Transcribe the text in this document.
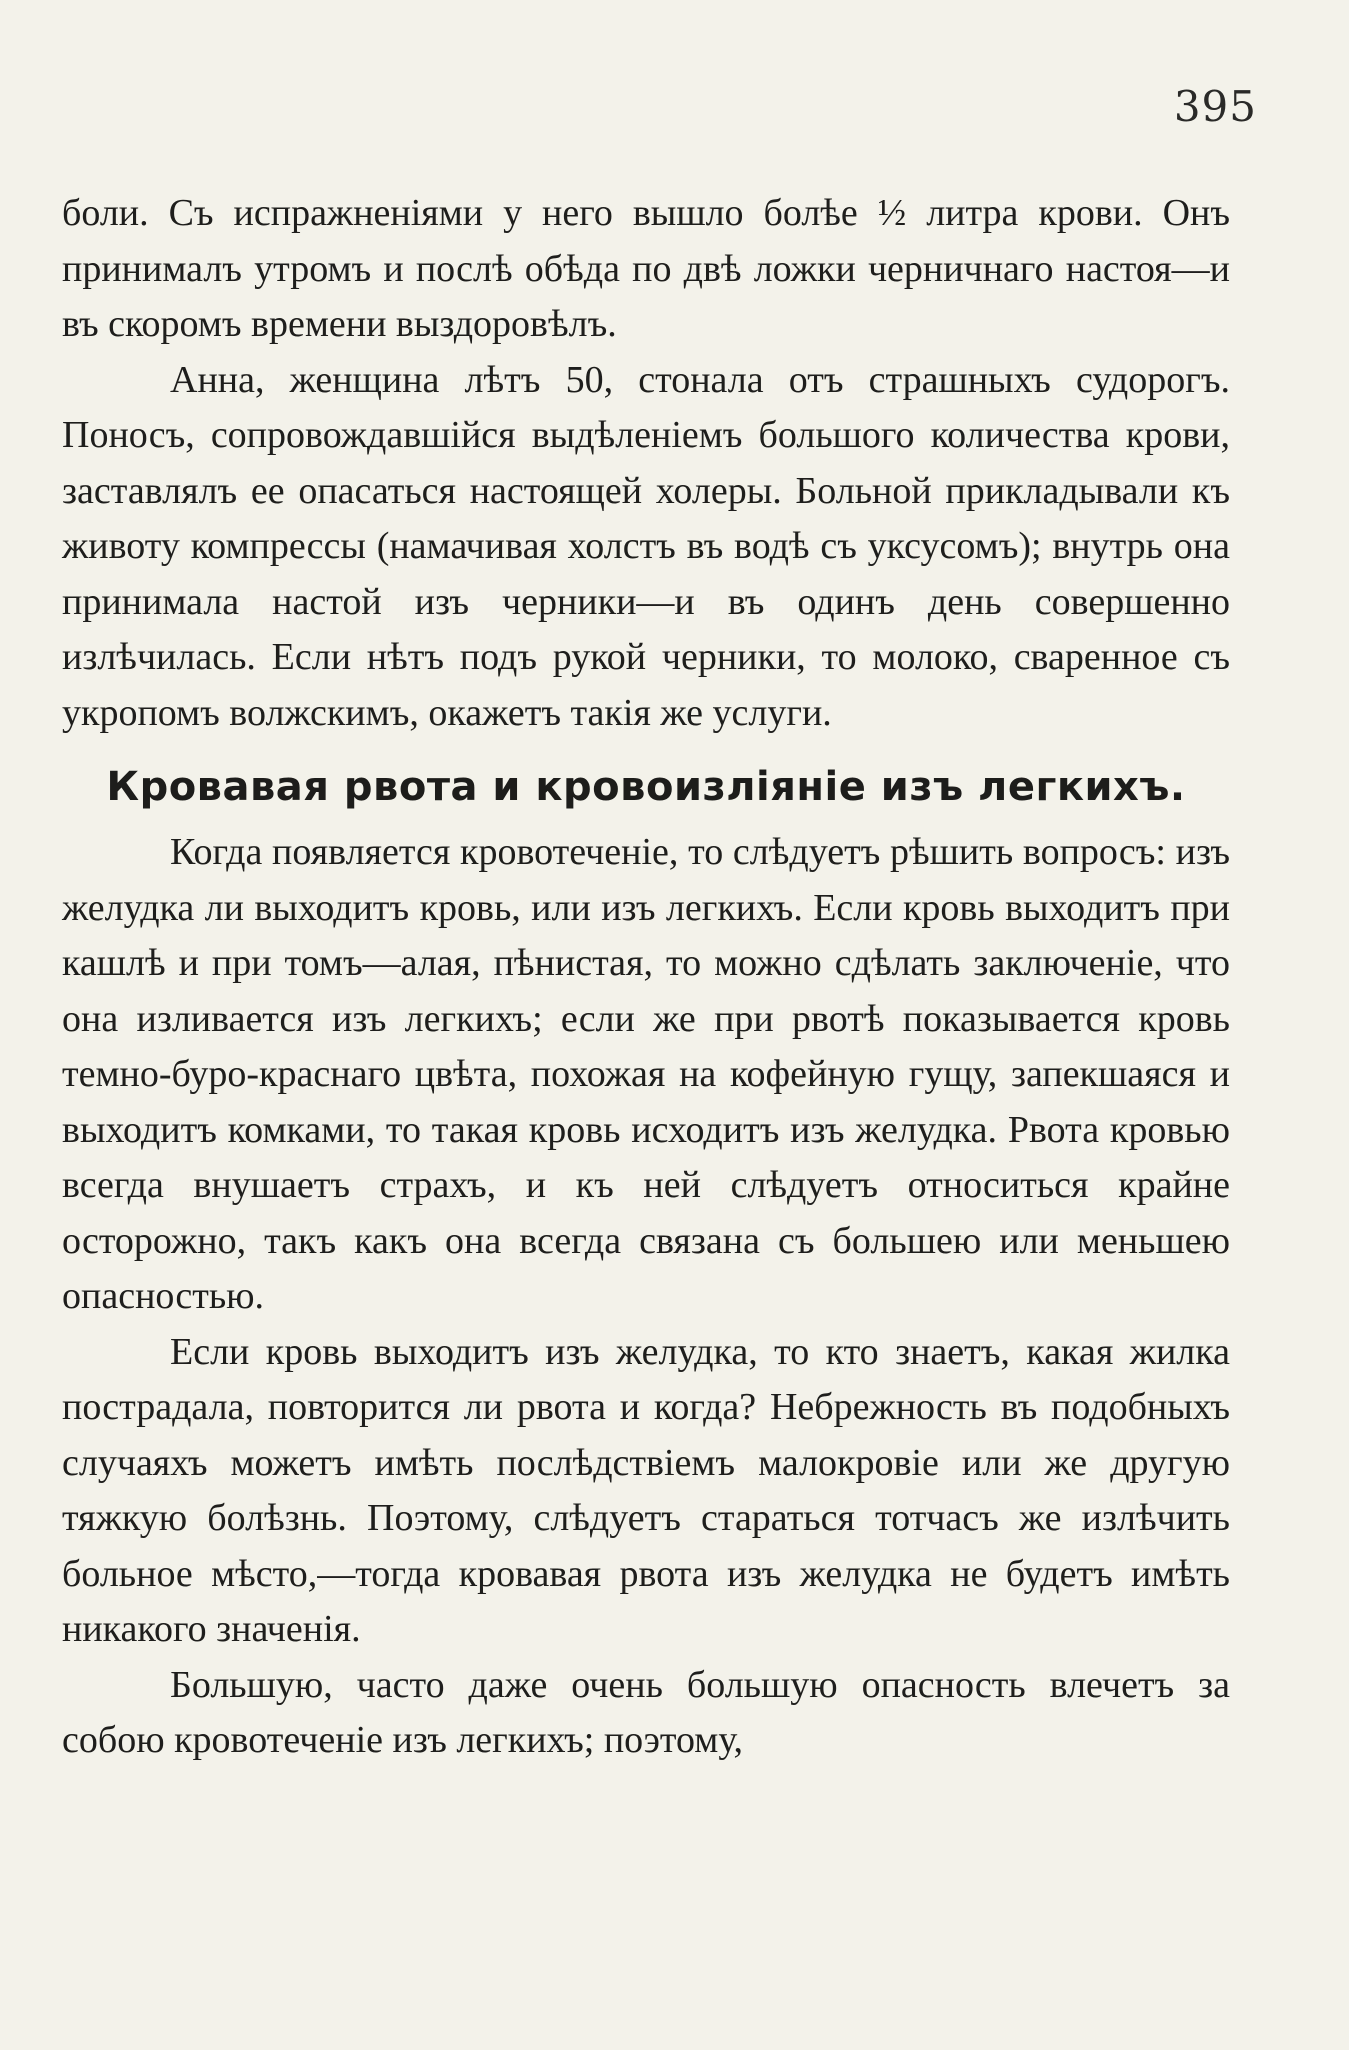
395

боли. Съ испражненіями у него вышло болѣе ½ литра крови. Онъ принималъ утромъ и послѣ обѣда по двѣ ложки черничнаго настоя—и въ скоромъ времени выздоровѣлъ.

Анна, женщина лѣтъ 50, стонала отъ страшныхъ судорогъ. Поносъ, сопровождавшійся выдѣленіемъ большого количества крови, заставлялъ ее опасаться настоящей холеры. Больной прикладывали къ животу компрессы (намачивая холстъ въ водѣ съ уксусомъ); внутрь она принимала настой изъ черники—и въ одинъ день совершенно излѣчилась. Если нѣтъ подъ рукой черники, то молоко, сваренное съ укропомъ волжскимъ, окажетъ такія же услуги.

Кровавая рвота и кровоизліяніе изъ легкихъ.

Когда появляется кровотеченіе, то слѣдуетъ рѣшить вопросъ: изъ желудка ли выходитъ кровь, или изъ легкихъ. Если кровь выходитъ при кашлѣ и при томъ—алая, пѣнистая, то можно сдѣлать заключеніе, что она изливается изъ легкихъ; если же при рвотѣ показывается кровь темно-буро-краснаго цвѣта, похожая на кофейную гущу, запекшаяся и выходитъ комками, то такая кровь исходитъ изъ желудка. Рвота кровью всегда внушаетъ страхъ, и къ ней слѣдуетъ относиться крайне осторожно, такъ какъ она всегда связана съ большею или меньшею опасностью.

Если кровь выходитъ изъ желудка, то кто знаетъ, какая жилка пострадала, повторится ли рвота и когда? Небрежность въ подобныхъ случаяхъ можетъ имѣть послѣдствіемъ малокровіе или же другую тяжкую болѣзнь. Поэтому, слѣдуетъ стараться тотчасъ же излѣчить больное мѣсто,—тогда кровавая рвота изъ желудка не будетъ имѣть никакого значенія.

Большую, часто даже очень большую опасность влечетъ за собою кровотеченіе изъ легкихъ; поэтому,
